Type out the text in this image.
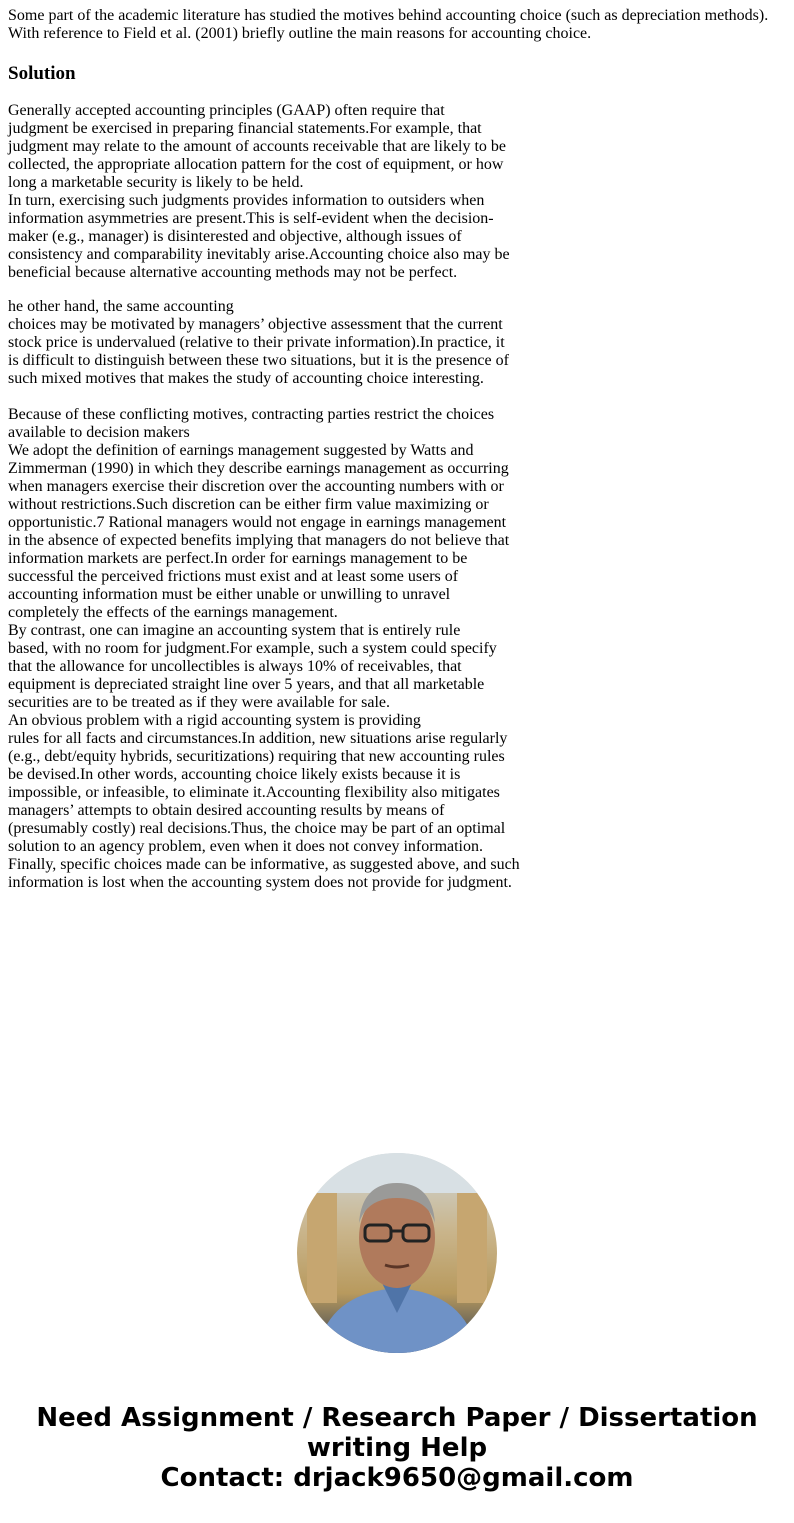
Some part of the academic literature has studied the motives behind accounting choice (such as depreciation methods).
With reference to Field et al. (2001) briefly outline the main reasons for accounting choice.
Solution
Generally accepted accounting principles (GAAP) often require that
judgment be exercised in preparing financial statements.For example, that
judgment may relate to the amount of accounts receivable that are likely to be
collected, the appropriate allocation pattern for the cost of equipment, or how
long a marketable security is likely to be held.
In turn, exercising such judgments provides information to outsiders when
information asymmetries are present.This is self-evident when the decision-
maker (e.g., manager) is disinterested and objective, although issues of
consistency and comparability inevitably arise.Accounting choice also may be
beneficial because alternative accounting methods may not be perfect.
he other hand, the same accounting
choices may be motivated by managers’ objective assessment that the current
stock price is undervalued (relative to their private information).In practice, it
is difficult to distinguish between these two situations, but it is the presence of
such mixed motives that makes the study of accounting choice interesting.
Because of these conflicting motives, contracting parties restrict the choices
available to decision makers
We adopt the definition of earnings management suggested by Watts and
Zimmerman (1990) in which they describe earnings management as occurring
when managers exercise their discretion over the accounting numbers with or
without restrictions.Such discretion can be either firm value maximizing or
opportunistic.7 Rational managers would not engage in earnings management
in the absence of expected benefits implying that managers do not believe that
information markets are perfect.In order for earnings management to be
successful the perceived frictions must exist and at least some users of
accounting information must be either unable or unwilling to unravel
completely the effects of the earnings management.
By contrast, one can imagine an accounting system that is entirely rule
based, with no room for judgment.For example, such a system could specify
that the allowance for uncollectibles is always 10% of receivables, that
equipment is depreciated straight line over 5 years, and that all marketable
securities are to be treated as if they were available for sale.
An obvious problem with a rigid accounting system is providing
rules for all facts and circumstances.In addition, new situations arise regularly
(e.g., debt/equity hybrids, securitizations) requiring that new accounting rules
be devised.In other words, accounting choice likely exists because it is
impossible, or infeasible, to eliminate it.Accounting flexibility also mitigates
managers’ attempts to obtain desired accounting results by means of
(presumably costly) real decisions.Thus, the choice may be part of an optimal
solution to an agency problem, even when it does not convey information.
Finally, specific choices made can be informative, as suggested above, and such
information is lost when the accounting system does not provide for judgment.
Need Assignment / Research Paper / Dissertation
writing Help
Contact: drjack9650@gmail.com
